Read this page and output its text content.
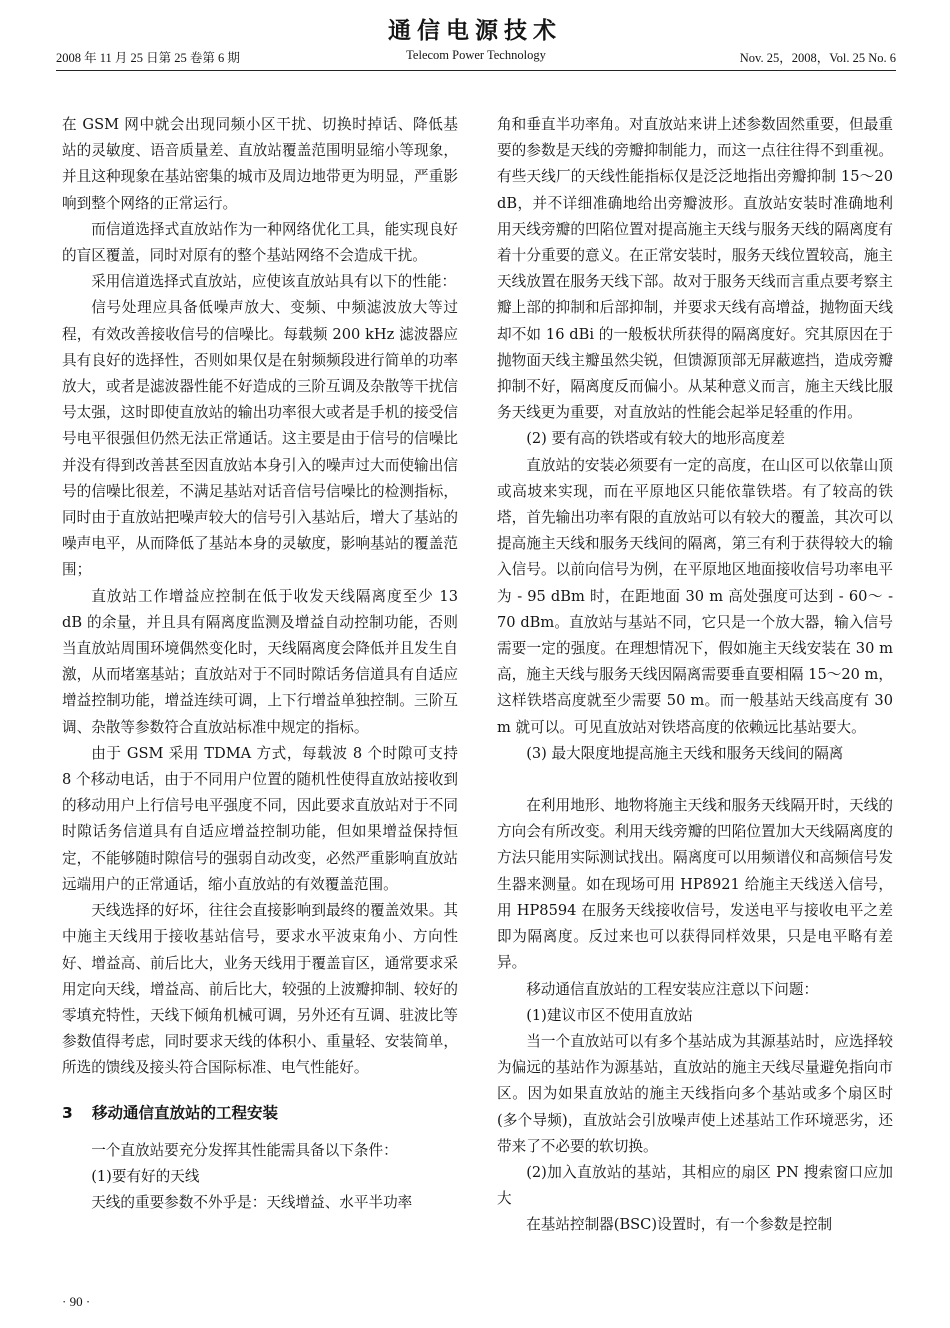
通信电源技术
2008 年 11 月 25 日第 25 卷第 6 期	Telecom Power Technology	Nov. 25，2008，Vol. 25 No. 6

在 GSM 网中就会出现同频小区干扰、切换时掉话、降低基站的灵敏度、语音质量差、直放站覆盖范围明显缩小等现象，并且这种现象在基站密集的城市及周边地带更为明显，严重影响到整个网络的正常运行。

而信道选择式直放站作为一种网络优化工具，能实现良好的盲区覆盖，同时对原有的整个基站网络不会造成干扰。

采用信道选择式直放站，应使该直放站具有以下的性能：

信号处理应具备低噪声放大、变频、中频滤波放大等过程，有效改善接收信号的信噪比。每载频 200 kHz 滤波器应具有良好的选择性，否则如果仅是在射频频段进行简单的功率放大，或者是滤波器性能不好造成的三阶互调及杂散等干扰信号太强，这时即使直放站的输出功率很大或者是手机的接受信号电平很强但仍然无法正常通话。这主要是由于信号的信噪比并没有得到改善甚至因直放站本身引入的噪声过大而使输出信号的信噪比很差，不满足基站对话音信号信噪比的检测指标，同时由于直放站把噪声较大的信号引入基站后，增大了基站的噪声电平，从而降低了基站本身的灵敏度，影响基站的覆盖范围；

直放站工作增益应控制在低于收发天线隔离度至少 13 dB 的余量，并且具有隔离度监测及增益自动控制功能，否则当直放站周围环境偶然变化时，天线隔离度会降低并且发生自激，从而堵塞基站；直放站对于不同时隙话务信道具有自适应增益控制功能，增益连续可调，上下行增益单独控制。三阶互调、杂散等参数符合直放站标准中规定的指标。

由于 GSM 采用 TDMA 方式，每载波 8 个时隙可支持 8 个移动电话，由于不同用户位置的随机性使得直放站接收到的移动用户上行信号电平强度不同，因此要求直放站对于不同时隙话务信道具有自适应增益控制功能，但如果增益保持恒定，不能够随时隙信号的强弱自动改变，必然严重影响直放站远端用户的正常通话，缩小直放站的有效覆盖范围。

天线选择的好坏，往往会直接影响到最终的覆盖效果。其中施主天线用于接收基站信号，要求水平波束角小、方向性好、增益高、前后比大，业务天线用于覆盖盲区，通常要求采用定向天线，增益高、前后比大，较强的上波瓣抑制、较好的零填充特性，天线下倾角机械可调，另外还有互调、驻波比等参数值得考虑，同时要求天线的体积小、重量轻、安装简单，所选的馈线及接头符合国际标准、电气性能好。

3 移动通信直放站的工程安装

一个直放站要充分发挥其性能需具备以下条件：

(1)要有好的天线

天线的重要参数不外乎是：天线增益、水平半功率

角和垂直半功率角。对直放站来讲上述参数固然重要，但最重要的参数是天线的旁瓣抑制能力，而这一点往往得不到重视。有些天线厂的天线性能指标仅是泛泛地指出旁瓣抑制 15～20 dB，并不详细准确地给出旁瓣波形。直放站安装时准确地利用天线旁瓣的凹陷位置对提高施主天线与服务天线的隔离度有着十分重要的意义。在正常安装时，服务天线位置较高，施主天线放置在服务天线下部。故对于服务天线而言重点要考察主瓣上部的抑制和后部抑制，并要求天线有高增益，抛物面天线却不如 16 dBi 的一般板状所获得的隔离度好。究其原因在于抛物面天线主瓣虽然尖锐，但馈源顶部无屏蔽遮挡，造成旁瓣抑制不好，隔离度反而偏小。从某种意义而言，施主天线比服务天线更为重要，对直放站的性能会起举足轻重的作用。

(2) 要有高的铁塔或有较大的地形高度差

直放站的安装必须要有一定的高度，在山区可以依靠山顶或高坡来实现，而在平原地区只能依靠铁塔。有了较高的铁塔，首先输出功率有限的直放站可以有较大的覆盖，其次可以提高施主天线和服务天线间的隔离，第三有利于获得较大的输入信号。以前向信号为例，在平原地区地面接收信号功率电平为 - 95 dBm 时，在距地面 30 m 高处强度可达到 - 60～ - 70 dBm。直放站与基站不同，它只是一个放大器，输入信号需要一定的强度。在理想情况下，假如施主天线安装在 30 m高，施主天线与服务天线因隔离需要垂直要相隔 15～20 m，这样铁塔高度就至少需要 50 m。而一般基站天线高度有 30 m 就可以。可见直放站对铁塔高度的依赖远比基站要大。

(3) 最大限度地提高施主天线和服务天线间的隔离

在利用地形、地物将施主天线和服务天线隔开时，天线的方向会有所改变。利用天线旁瓣的凹陷位置加大天线隔离度的方法只能用实际测试找出。隔离度可以用频谱仪和高频信号发生器来测量。如在现场可用 HP8921 给施主天线送入信号，用 HP8594 在服务天线接收信号，发送电平与接收电平之差即为隔离度。反过来也可以获得同样效果，只是电平略有差异。

移动通信直放站的工程安装应注意以下问题：

(1)建议市区不使用直放站

当一个直放站可以有多个基站成为其源基站时，应选择较为偏远的基站作为源基站，直放站的施主天线尽量避免指向市区。因为如果直放站的施主天线指向多个基站或多个扇区时(多个导频)，直放站会引放噪声使上述基站工作环境恶劣，还带来了不必要的软切换。

(2)加入直放站的基站，其相应的扇区 PN 搜索窗口应加大

在基站控制器(BSC)设置时，有一个参数是控制

· 90 ·
